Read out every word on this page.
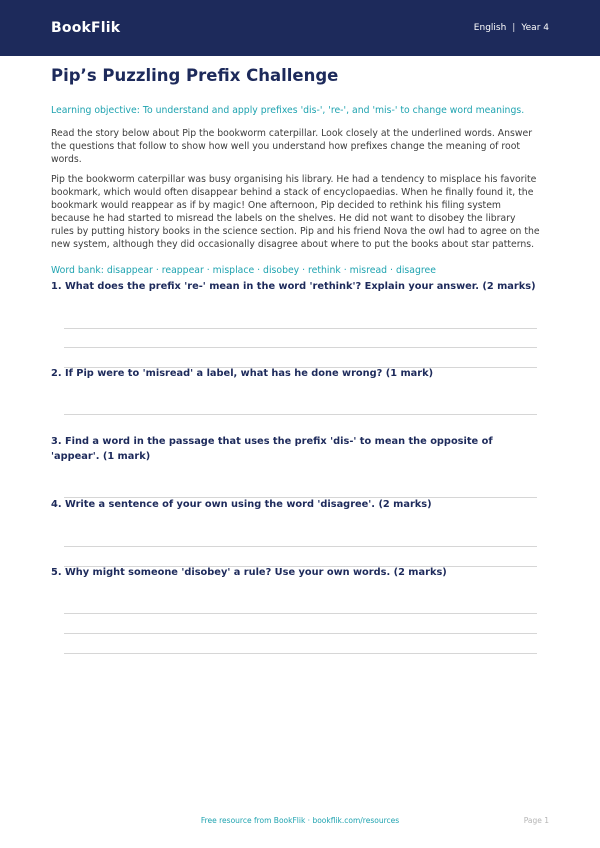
BookFlik	English | Year 4
Pip’s Puzzling Prefix Challenge
Learning objective: To understand and apply prefixes 'dis-', 're-', and 'mis-' to change word meanings.
Read the story below about Pip the bookworm caterpillar. Look closely at the underlined words. Answer the questions that follow to show how well you understand how prefixes change the meaning of root words.
Pip the bookworm caterpillar was busy organising his library. He had a tendency to misplace his favorite bookmark, which would often disappear behind a stack of encyclopaedias. When he finally found it, the bookmark would reappear as if by magic! One afternoon, Pip decided to rethink his filing system because he had started to misread the labels on the shelves. He did not want to disobey the library rules by putting history books in the science section. Pip and his friend Nova the owl had to agree on the new system, although they did occasionally disagree about where to put the books about star patterns.
Word bank: disappear · reappear · misplace · disobey · rethink · misread · disagree
1. What does the prefix 're-' mean in the word 'rethink'? Explain your answer. (2 marks)
2. If Pip were to 'misread' a label, what has he done wrong? (1 mark)
3. Find a word in the passage that uses the prefix 'dis-' to mean the opposite of 'appear'. (1 mark)
4. Write a sentence of your own using the word 'disagree'. (2 marks)
5. Why might someone 'disobey' a rule? Use your own words. (2 marks)
Free resource from BookFlik · bookflik.com/resources	Page 1
